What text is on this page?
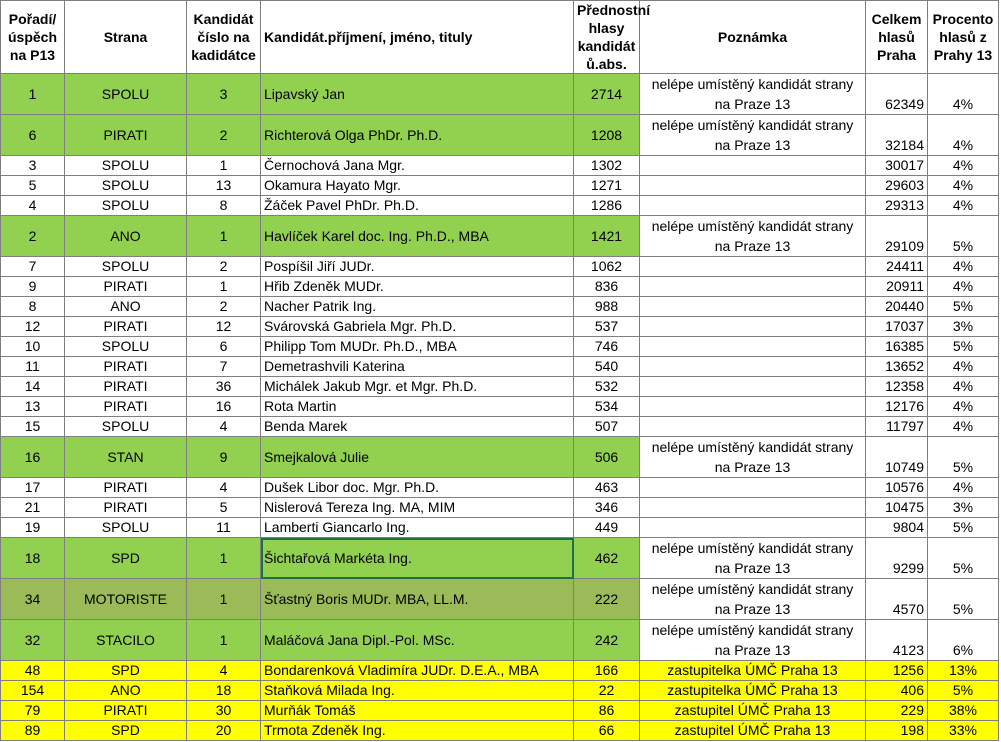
Pořadí/ úspěch na P13	Strana	Kandidát číslo na kadidátce	Kandidát.příjmení, jméno, tituly	Přednostní hlasy kandidát ů.abs.	Poznámka	Celkem hlasů Praha	Procento hlasů z Prahy 13
1	SPOLU	3	Lipavský Jan	2714	nelépe umístěný kandidát strany na Praze 13	62349	4%
6	PIRATI	2	Richterová Olga PhDr. Ph.D.	1208	nelépe umístěný kandidát strany na Praze 13	32184	4%
3	SPOLU	1	Černochová Jana Mgr.	1302		30017	4%
5	SPOLU	13	Okamura Hayato Mgr.	1271		29603	4%
4	SPOLU	8	Žáček Pavel PhDr. Ph.D.	1286		29313	4%
2	ANO	1	Havlíček Karel doc. Ing. Ph.D., MBA	1421	nelépe umístěný kandidát strany na Praze 13	29109	5%
7	SPOLU	2	Pospíšil Jiří JUDr.	1062		24411	4%
9	PIRATI	1	Hřib Zdeněk MUDr.	836		20911	4%
8	ANO	2	Nacher Patrik Ing.	988		20440	5%
12	PIRATI	12	Svárovská Gabriela Mgr. Ph.D.	537		17037	3%
10	SPOLU	6	Philipp Tom MUDr. Ph.D., MBA	746		16385	5%
11	PIRATI	7	Demetrashvili Katerina	540		13652	4%
14	PIRATI	36	Michálek Jakub Mgr. et Mgr. Ph.D.	532		12358	4%
13	PIRATI	16	Rota Martin	534		12176	4%
15	SPOLU	4	Benda Marek	507		11797	4%
16	STAN	9	Smejkalová Julie	506	nelépe umístěný kandidát strany na Praze 13	10749	5%
17	PIRATI	4	Dušek Libor doc. Mgr. Ph.D.	463		10576	4%
21	PIRATI	5	Nislerová Tereza Ing. MA, MIM	346		10475	3%
19	SPOLU	11	Lamberti Giancarlo Ing.	449		9804	5%
18	SPD	1	Šichtařová Markéta Ing.	462	nelépe umístěný kandidát strany na Praze 13	9299	5%
34	MOTORISTE	1	Šťastný Boris MUDr. MBA, LL.M.	222	nelépe umístěný kandidát strany na Praze 13	4570	5%
32	STACILO	1	Maláčová Jana Dipl.-Pol. MSc.	242	nelépe umístěný kandidát strany na Praze 13	4123	6%
48	SPD	4	Bondarenková Vladimíra JUDr. D.E.A., MBA	166	zastupitelka ÚMČ Praha 13	1256	13%
154	ANO	18	Staňková Milada Ing.	22	zastupitelka ÚMČ Praha 13	406	5%
79	PIRATI	30	Murňák Tomáš	86	zastupitel ÚMČ Praha 13	229	38%
89	SPD	20	Trmota Zdeněk Ing.	66	zastupitel ÚMČ Praha 13	198	33%
